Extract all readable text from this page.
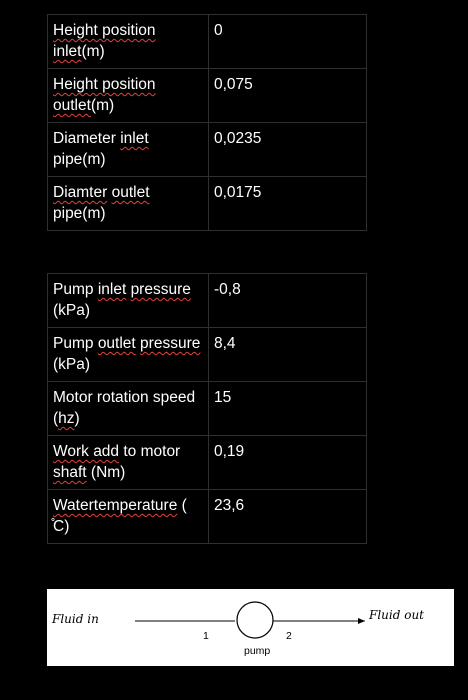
Height position inlet(m)	0
Height position outlet(m)	0,075
Diameter inlet pipe(m)	0,0235
Diamter outlet pipe(m)	0,0175
Pump inlet pressure (kPa)	-0,8
Pump outlet pressure (kPa)	8,4
Motor rotation speed (hz)	15
Work add to motor shaft (Nm)	0,19
Watertemperature ( ̊C)	23,6
Fluid in	Fluid out
1	2
pump
